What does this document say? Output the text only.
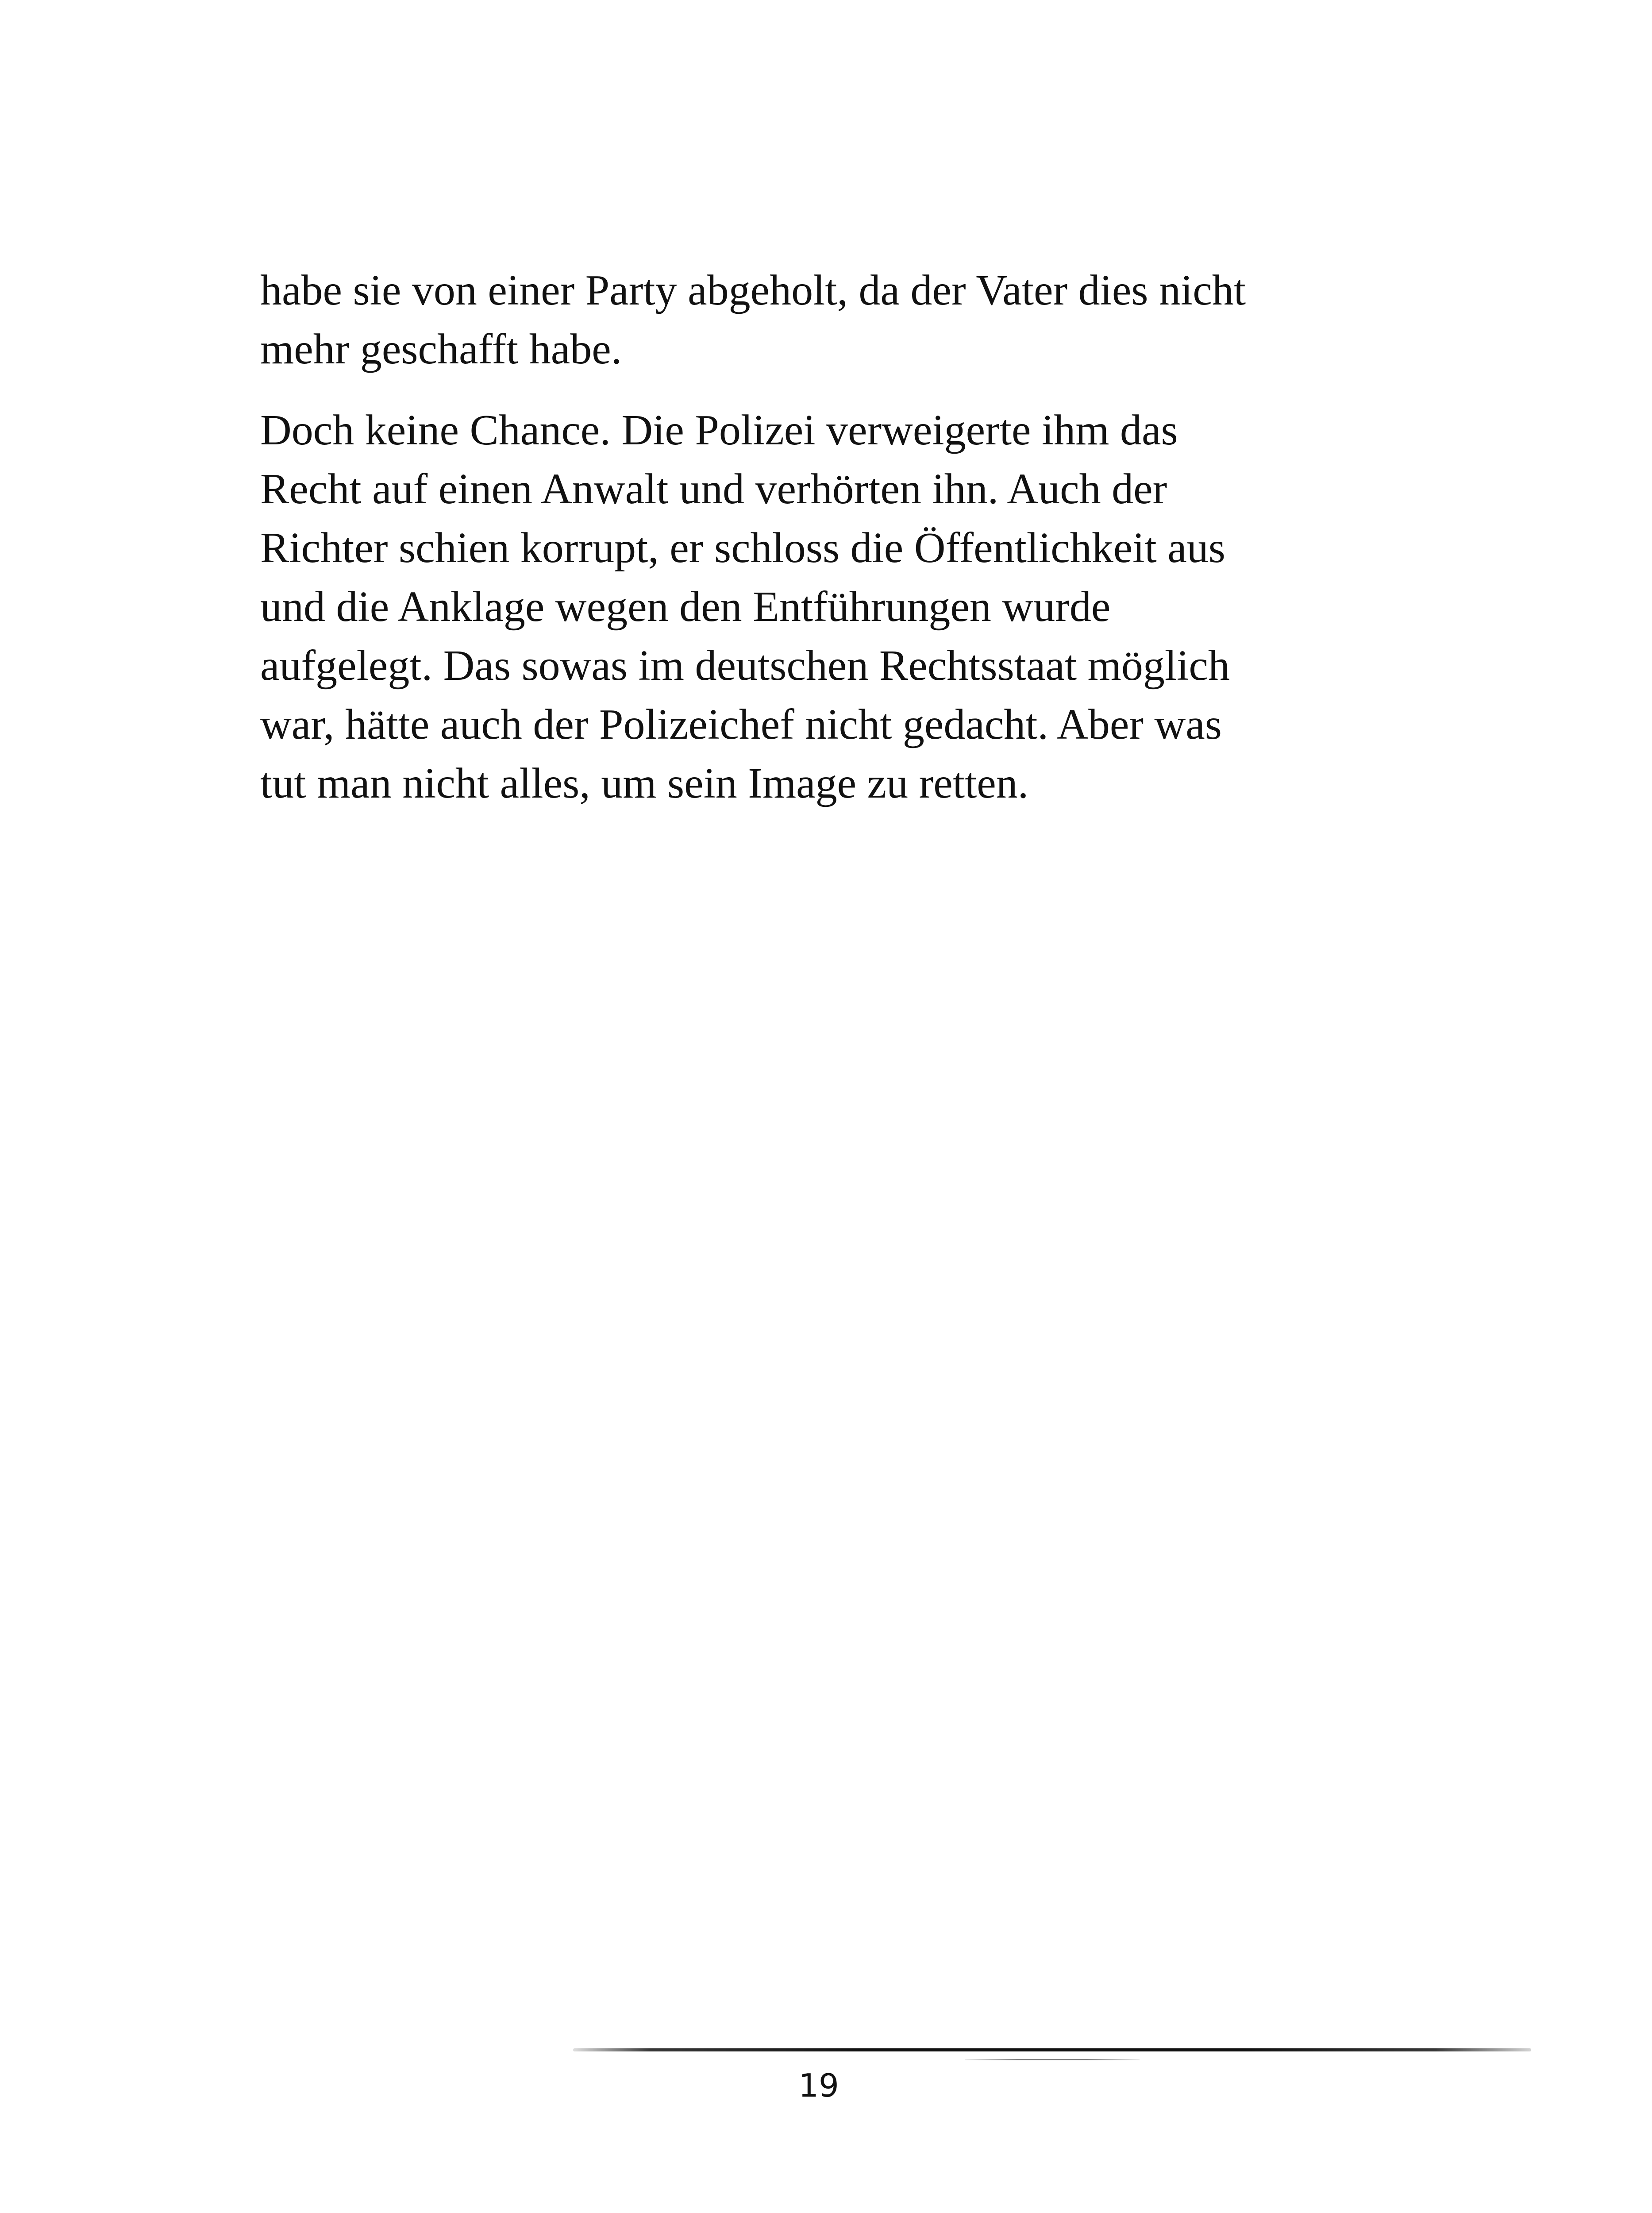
habe sie von einer Party abgeholt, da der Vater dies nicht
mehr geschafft habe.

Doch keine Chance. Die Polizei verweigerte ihm das
Recht auf einen Anwalt und verhörten ihn. Auch der
Richter schien korrupt, er schloss die Öffentlichkeit aus
und die Anklage wegen den Entführungen wurde
aufgelegt. Das sowas im deutschen Rechtsstaat möglich
war, hätte auch der Polizeichef nicht gedacht. Aber was
tut man nicht alles, um sein Image zu retten.

19
